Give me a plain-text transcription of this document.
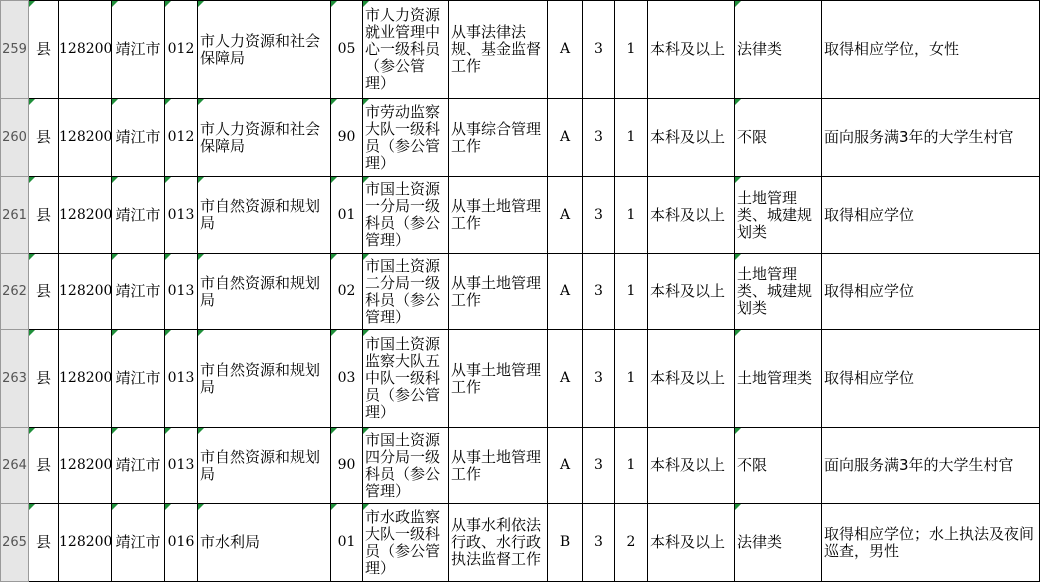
259	县	128200	靖江市	012	市人力资源和社会保障局	05	市人力资源就业管理中心一级科员（参公管理）	从事法律法规、基金监督工作	A	3	1	本科及以上	法律类	取得相应学位，女性
260	县	128200	靖江市	012	市人力资源和社会保障局	90	市劳动监察大队一级科员（参公管理）	从事综合管理工作	A	3	1	本科及以上	不限	面向服务满3年的大学生村官
261	县	128200	靖江市	013	市自然资源和规划局	01	市国土资源一分局一级科员（参公管理）	从事土地管理工作	A	3	1	本科及以上	土地管理类、城建规划类	取得相应学位
262	县	128200	靖江市	013	市自然资源和规划局	02	市国土资源二分局一级科员（参公管理）	从事土地管理工作	A	3	1	本科及以上	土地管理类、城建规划类	取得相应学位
263	县	128200	靖江市	013	市自然资源和规划局	03	市国土资源监察大队五中队一级科员（参公管理）	从事土地管理工作	A	3	1	本科及以上	土地管理类	取得相应学位
264	县	128200	靖江市	013	市自然资源和规划局	90	市国土资源四分局一级科员（参公管理）	从事土地管理工作	A	3	1	本科及以上	不限	面向服务满3年的大学生村官
265	县	128200	靖江市	016	市水利局	01	市水政监察大队一级科员（参公管理）	从事水利依法行政、水行政执法监督工作	B	3	2	本科及以上	法律类	取得相应学位；水上执法及夜间巡查，男性
